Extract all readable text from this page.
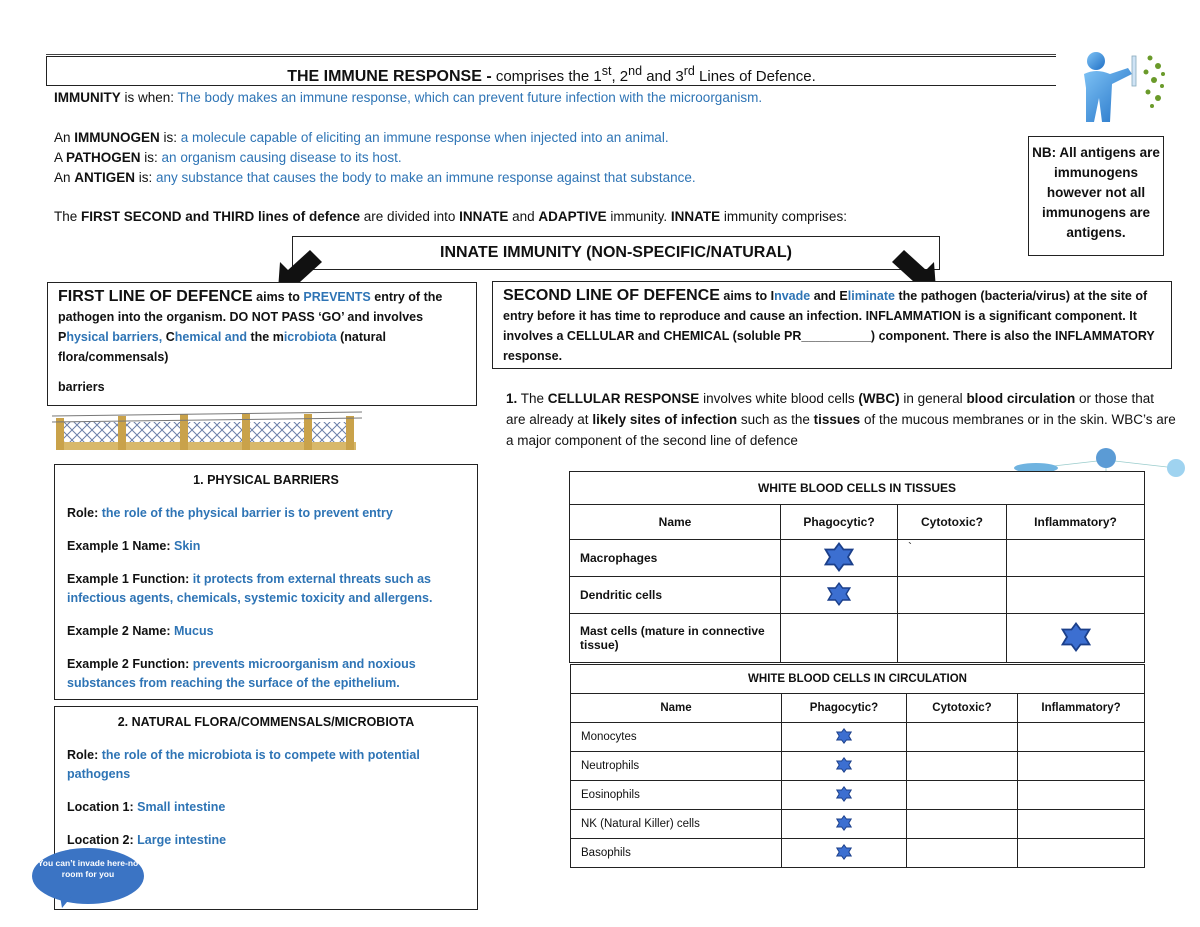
THE IMMUNE RESPONSE - comprises the 1st, 2nd and 3rd Lines of Defence.
IMMUNITY is when: The body makes an immune response, which can prevent future infection with the microorganism.
An IMMUNOGEN is: a molecule capable of eliciting an immune response when injected into an animal.
A PATHOGEN is: an organism causing disease to its host.
An ANTIGEN is: any substance that causes the body to make an immune response against that substance.
The FIRST SECOND and THIRD lines of defence are divided into INNATE and ADAPTIVE immunity. INNATE immunity comprises:
NB: All antigens are immunogens however not all immunogens are antigens.
INNATE IMMUNITY (NON-SPECIFIC/NATURAL)
FIRST LINE OF DEFENCE aims to PREVENTS entry of the pathogen into the organism. DO NOT PASS ‘GO’ and involves
Physical barriers, Chemical and the microbiota (natural flora/commensals)
barriers
SECOND LINE OF DEFENCE aims to Invade and Eliminate the pathogen (bacteria/virus) at the site of entry before it has time to reproduce and cause an infection. INFLAMMATION is a significant component. It involves a CELLULAR and CHEMICAL (soluble PR__________) component. There is also the INFLAMMATORY response.
1. The CELLULAR RESPONSE involves white blood cells (WBC) in general blood circulation or those that are already at likely sites of infection such as the tissues of the mucous membranes or in the skin. WBC’s are a major component of the second line of defence

1. PHYSICAL BARRIERS

Role: the role of the physical barrier is to prevent entry

Example 1 Name: Skin

Example 1 Function: it protects from external threats such as infectious agents, chemicals, systemic toxicity and allergens.

Example 2 Name: Mucus

Example 2 Function: prevents microorganism and noxious substances from reaching the surface of the epithelium.

2. NATURAL FLORA/COMMENSALS/MICROBIOTA

Role: the role of the microbiota is to compete with potential pathogens

Location 1: Small intestine

Location 2: Large intestine

You can’t invade here-no room for you
WHITE BLOOD CELLS IN TISSUES			
Name	Phagocytic?	Cytotoxic?	Inflammatory?
Macrophages		`	
Dendritic cells			
Mast cells (mature in connective tissue)			
WHITE BLOOD CELLS IN CIRCULATION			
Name	Phagocytic?	Cytotoxic?	Inflammatory?
Monocytes			
Neutrophils			
Eosinophils			
NK (Natural Killer) cells			
Basophils			
